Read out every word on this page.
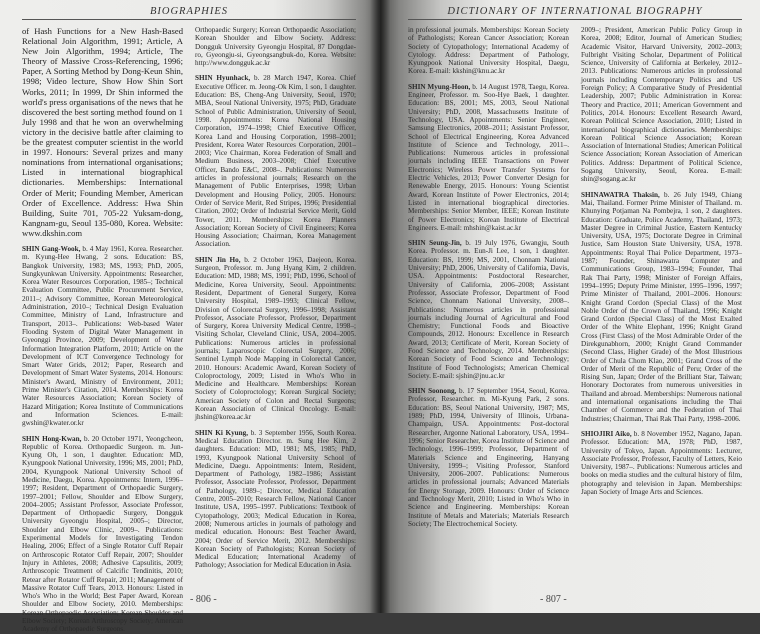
BIOGRAPHIES

of Hash Functions for a New Hash-Based Relational Join Algorithm, 1991; Article, A New Join Algorithm, 1994; Article, The Theory of Massive Cross-Referencing, 1996; Paper, A Sorting Method by Dong-Keun Shin, 1998; Video lecture, Show How Shin Sort Works, 2011; In 1999, Dr Shin informed the world's press organisations of the news that he discovered the best sorting method found on 1 July 1998 and that he won an overwhelming victory in the decisive battle after claiming to be the greatest computer scientist in the world in 1997. Honours: Several prizes and many nominations from international organisations; Listed in international biographical dictionaries. Memberships: International Order of Merit; Founding Member, American Order of Excellence. Address: Hwa Shin Building, Suite 701, 705-22 Yuksam-dong, Kangnam-gu, Seoul 135-080, Korea. Website: www.dkshin.com

SHIN Gang-Wook, b. 4 May 1961, Korea. Researcher. m. Kyung-Hee Hwang, 2 sons. Education: BS, Bangkok University, 1983; MS, 1993; PhD, 2005, Sungkyunkwan University. Appointments: Researcher, Korea Water Resources Corporation, 1985–; Technical Evaluation Committee, Public Procurement Service, 2011–; Advisory Committee, Korean Meteorological Administration, 2010–; Technical Design Evaluation Committee, Ministry of Land, Infrastructure and Transport, 2013–. Publications: Web-based Water Flooding System of Digital Water Management in Gyeonggi Province, 2009; Development of Water Information Integration Platform, 2010; Article on the Development of ICT Convergence Technology for Smart Water Grids, 2012; Paper, Research and Development of Smart Water Systems, 2014. Honours: Minister's Award, Ministry of Environment, 2011; Prime Minister's Citation, 2014. Memberships: Korea Water Resources Association; Korean Society of Hazard Mitigation; Korea Institute of Communications and Information Sciences. E-mail: gwshin@kwater.or.kr

SHIN Hong-Kwan, b. 20 October 1971, Yeongcheon, Republic of Korea. Orthopaedic Surgeon. m. Jun-Kyung Oh, 1 son, 1 daughter. Education: MD, Kyungpook National University, 1996; MS, 2001; PhD, 2004, Kyungpook National University School of Medicine, Daegu, Korea. Appointments: Intern, 1996–1997; Resident, Department of Orthopaedic Surgery, 1997–2001; Fellow, Shoulder and Elbow Surgery, 2004–2005; Assistant Professor, Associate Professor, Department of Orthopaedic Surgery, Dongguk University Gyeongju Hospital, 2005–; Director, Shoulder and Elbow Clinic, 2009–. Publications: Experimental Models for Investigating Tendon Healing, 2006; Effect of a Single Rotator Cuff Repair on Arthroscopic Rotator Cuff Repair, 2007; Shoulder Injury in Athletes, 2008; Adhesive Capsulitis, 2009; Arthroscopic Treatment of Calcific Tendinitis, 2010; Retear after Rotator Cuff Repair, 2011; Management of Massive Rotator Cuff Tears, 2013. Honours: Listed in Who's Who in the World; Best Paper Award, Korean Shoulder and Elbow Society, 2010. Memberships: Korean Orthopaedic Association; Korean Shoulder and Elbow Society; Korean Arthroscopy Society; American Academy of Orthopaedic Surgeons.

Orthopaedic Surgery; Korean Orthopaedic Association; Korean Shoulder and Elbow Society. Address: Dongguk University Gyeongju Hospital, 87 Dongdae-ro, Gyeongju-si, Gyeongsangbuk-do, Korea. Website: http://www.dongguk.ac.kr

SHIN Hyunhack, b. 28 March 1947, Korea. Chief Executive Officer. m. Jeong-Ok Kim, 1 son, 1 daughter. Education: BS, Cheng-Ang University, Seoul, 1970; MBA, Seoul National University, 1975; PhD, Graduate School of Public Administration, University of Seoul, 1998. Appointments: Korea National Housing Corporation, 1974–1998; Chief Executive Officer, Korea Land and Housing Corporation, 1998–2001; President, Korea Water Resources Corporation, 2001–2003; Vice Chairman, Korea Federation of Small and Medium Business, 2003–2008; Chief Executive Officer, Bando E&C, 2008–. Publications: Numerous articles in professional journals; Research on the Management of Public Enterprises, 1998; Urban Development and Housing Policy, 2005. Honours: Order of Service Merit, Red Stripes, 1996; Presidential Citation, 2002; Order of Industrial Service Merit, Gold Tower, 2011. Memberships: Korea Planners Association; Korean Society of Civil Engineers; Korea Housing Association; Chairman, Korea Management Association.

SHIN Jin Ho, b. 2 October 1963, Daejeon, Korea. Surgeon, Professor. m. Jung Hyang Kim, 2 children. Education: MD, 1988; MS, 1991; PhD, 1996, School of Medicine, Korea University, Seoul. Appointments: Resident, Department of General Surgery, Korea University Hospital, 1989–1993; Clinical Fellow, Division of Colorectal Surgery, 1996–1998; Assistant Professor, Associate Professor, Professor, Department of Surgery, Korea University Medical Centre, 1998–; Visiting Scholar, Cleveland Clinic, USA, 2004–2005. Publications: Numerous articles in professional journals; Laparoscopic Colorectal Surgery, 2006; Sentinel Lymph Node Mapping in Colorectal Cancer, 2010. Honours: Academic Award, Korean Society of Coloproctology, 2009; Listed in Who's Who in Medicine and Healthcare. Memberships: Korean Society of Coloproctology; Korean Surgical Society; American Society of Colon and Rectal Surgeons; Korean Association of Clinical Oncology. E-mail: jhshin@korea.ac.kr

SHIN Ki Kyung, b. 3 September 1956, South Korea. Medical Education Director. m. Sung Hee Kim, 2 daughters. Education: MD, 1981; MS, 1985; PhD, 1993, Kyungpook National University School of Medicine, Daegu. Appointments: Intern, Resident, Department of Pathology, 1982–1986; Assistant Professor, Associate Professor, Professor, Department of Pathology, 1989–; Director, Medical Education Centre, 2005–2010; Research Fellow, National Cancer Institute, USA, 1995–1997. Publications: Textbook of Cytopathology, 2003; Medical Education in Korea, 2008; Numerous articles in journals of pathology and medical education. Honours: Best Teacher Award, 2004; Order of Service Merit, 2012. Memberships: Korean Society of Pathologists; Korean Society of Medical Education; International Academy of Pathology; Association for Medical Education in Asia.

- 806 -
DICTIONARY OF INTERNATIONAL BIOGRAPHY

in professional journals. Memberships: Korean Society of Pathologists; Korean Cancer Association; Korean Society of Cytopathology; International Academy of Cytology. Address: Department of Pathology, Kyungpook National University Hospital, Daegu, Korea. E-mail: kkshin@knu.ac.kr

SHIN Myung-Hoon, b. 14 August 1978, Taegu, Korea. Engineer, Professor. m. Soo-Hye Baek, 1 daughter. Education: BS, 2001; MS, 2003, Seoul National University; PhD, 2008, Massachusetts Institute of Technology, USA. Appointments: Senior Engineer, Samsung Electronics, 2008–2011; Assistant Professor, School of Electrical Engineering, Korea Advanced Institute of Science and Technology, 2011–. Publications: Numerous articles in professional journals including IEEE Transactions on Power Electronics; Wireless Power Transfer Systems for Electric Vehicles, 2013; Power Converter Design for Renewable Energy, 2015. Honours: Young Scientist Award, Korean Institute of Power Electronics, 2014; Listed in international biographical directories. Memberships: Senior Member, IEEE; Korean Institute of Power Electronics; Korean Institute of Electrical Engineers. E-mail: mhshin@kaist.ac.kr

SHIN Seung-Jin, b. 19 July 1976, Gwangju, South Korea. Professor. m. Eun-Ji Lee, 1 son, 1 daughter. Education: BS, 1999; MS, 2001, Chonnam National University; PhD, 2006, University of California, Davis, USA. Appointments: Postdoctoral Researcher, University of California, 2006–2008; Assistant Professor, Associate Professor, Department of Food Science, Chonnam National University, 2008–. Publications: Numerous articles in professional journals including Journal of Agricultural and Food Chemistry; Functional Foods and Bioactive Compounds, 2012. Honours: Excellence in Research Award, 2013; Certificate of Merit, Korean Society of Food Science and Technology, 2014. Memberships: Korean Society of Food Science and Technology; Institute of Food Technologists; American Chemical Society. E-mail: sjshin@jnu.ac.kr

SHIN Soonong, b. 17 September 1964, Seoul, Korea. Professor, Researcher. m. Mi-Kyung Park, 2 sons. Education: BS, Seoul National University, 1987; MS, 1989; PhD, 1994, University of Illinois, Urbana-Champaign, USA. Appointments: Post-doctoral Researcher, Argonne National Laboratory, USA, 1994–1996; Senior Researcher, Korea Institute of Science and Technology, 1996–1999; Professor, Department of Materials Science and Engineering, Hanyang University, 1999–; Visiting Professor, Stanford University, 2006–2007. Publications: Numerous articles in professional journals; Advanced Materials for Energy Storage, 2009. Honours: Order of Science and Technology Merit, 2010; Listed in Who's Who in Science and Engineering. Memberships: Korean Institute of Metals and Materials; Materials Research Society; The Electrochemical Society.

2009–; President, American Public Policy Group in Korea, 2008; Editor, Journal of American Studies; Academic Visitor, Harvard University, 2002–2003; Fulbright Visiting Scholar, Department of Political Science, University of California at Berkeley, 2012–2013. Publications: Numerous articles in professional journals including Contemporary Politics and US Foreign Policy; A Comparative Study of Presidential Leadership, 2007; Public Administration in Korea: Theory and Practice, 2011; American Government and Politics, 2014. Honours: Excellent Research Award, Korean Political Science Association, 2010; Listed in international biographical dictionaries. Memberships: Korean Political Science Association; Korean Association of International Studies; American Political Science Association; Korean Association of American Politics. Address: Department of Political Science, Sogang University, Seoul, Korea. E-mail: shin@sogang.ac.kr

SHINAWATRA Thaksin, b. 26 July 1949, Chiang Mai, Thailand. Former Prime Minister of Thailand. m. Khunying Potjaman Na Pombejra, 1 son, 2 daughters. Education: Graduate, Police Academy, Thailand, 1973; Master Degree in Criminal Justice, Eastern Kentucky University, USA, 1975; Doctorate Degree in Criminal Justice, Sam Houston State University, USA, 1978. Appointments: Royal Thai Police Department, 1973–1987; Founder, Shinawatra Computer and Communications Group, 1983–1994; Founder, Thai Rak Thai Party, 1998; Minister of Foreign Affairs, 1994–1995; Deputy Prime Minister, 1995–1996, 1997; Prime Minister of Thailand, 2001–2006. Honours: Knight Grand Cordon (Special Class) of the Most Noble Order of the Crown of Thailand, 1996; Knight Grand Cordon (Special Class) of the Most Exalted Order of the White Elephant, 1996; Knight Grand Cross (First Class) of the Most Admirable Order of the Direkgunabhorn, 2000; Knight Grand Commander (Second Class, Higher Grade) of the Most Illustrious Order of Chula Chom Klao, 2001; Grand Cross of the Order of Merit of the Republic of Peru; Order of the Rising Sun, Japan; Order of the Brilliant Star, Taiwan; Honorary Doctorates from numerous universities in Thailand and abroad. Memberships: Numerous national and international organisations including the Thai Chamber of Commerce and the Federation of Thai Industries; Chairman, Thai Rak Thai Party, 1998–2006.

SHIOJIRI Aiko, b. 8 November 1952, Nagano, Japan. Professor. Education: MA, 1978; PhD, 1987, University of Tokyo, Japan. Appointments: Lecturer, Associate Professor, Professor, Faculty of Letters, Keio University, 1987–. Publications: Numerous articles and books on media studies and the cultural history of film, photography and television in Japan. Memberships: Japan Society of Image Arts and Sciences.

- 807 -
